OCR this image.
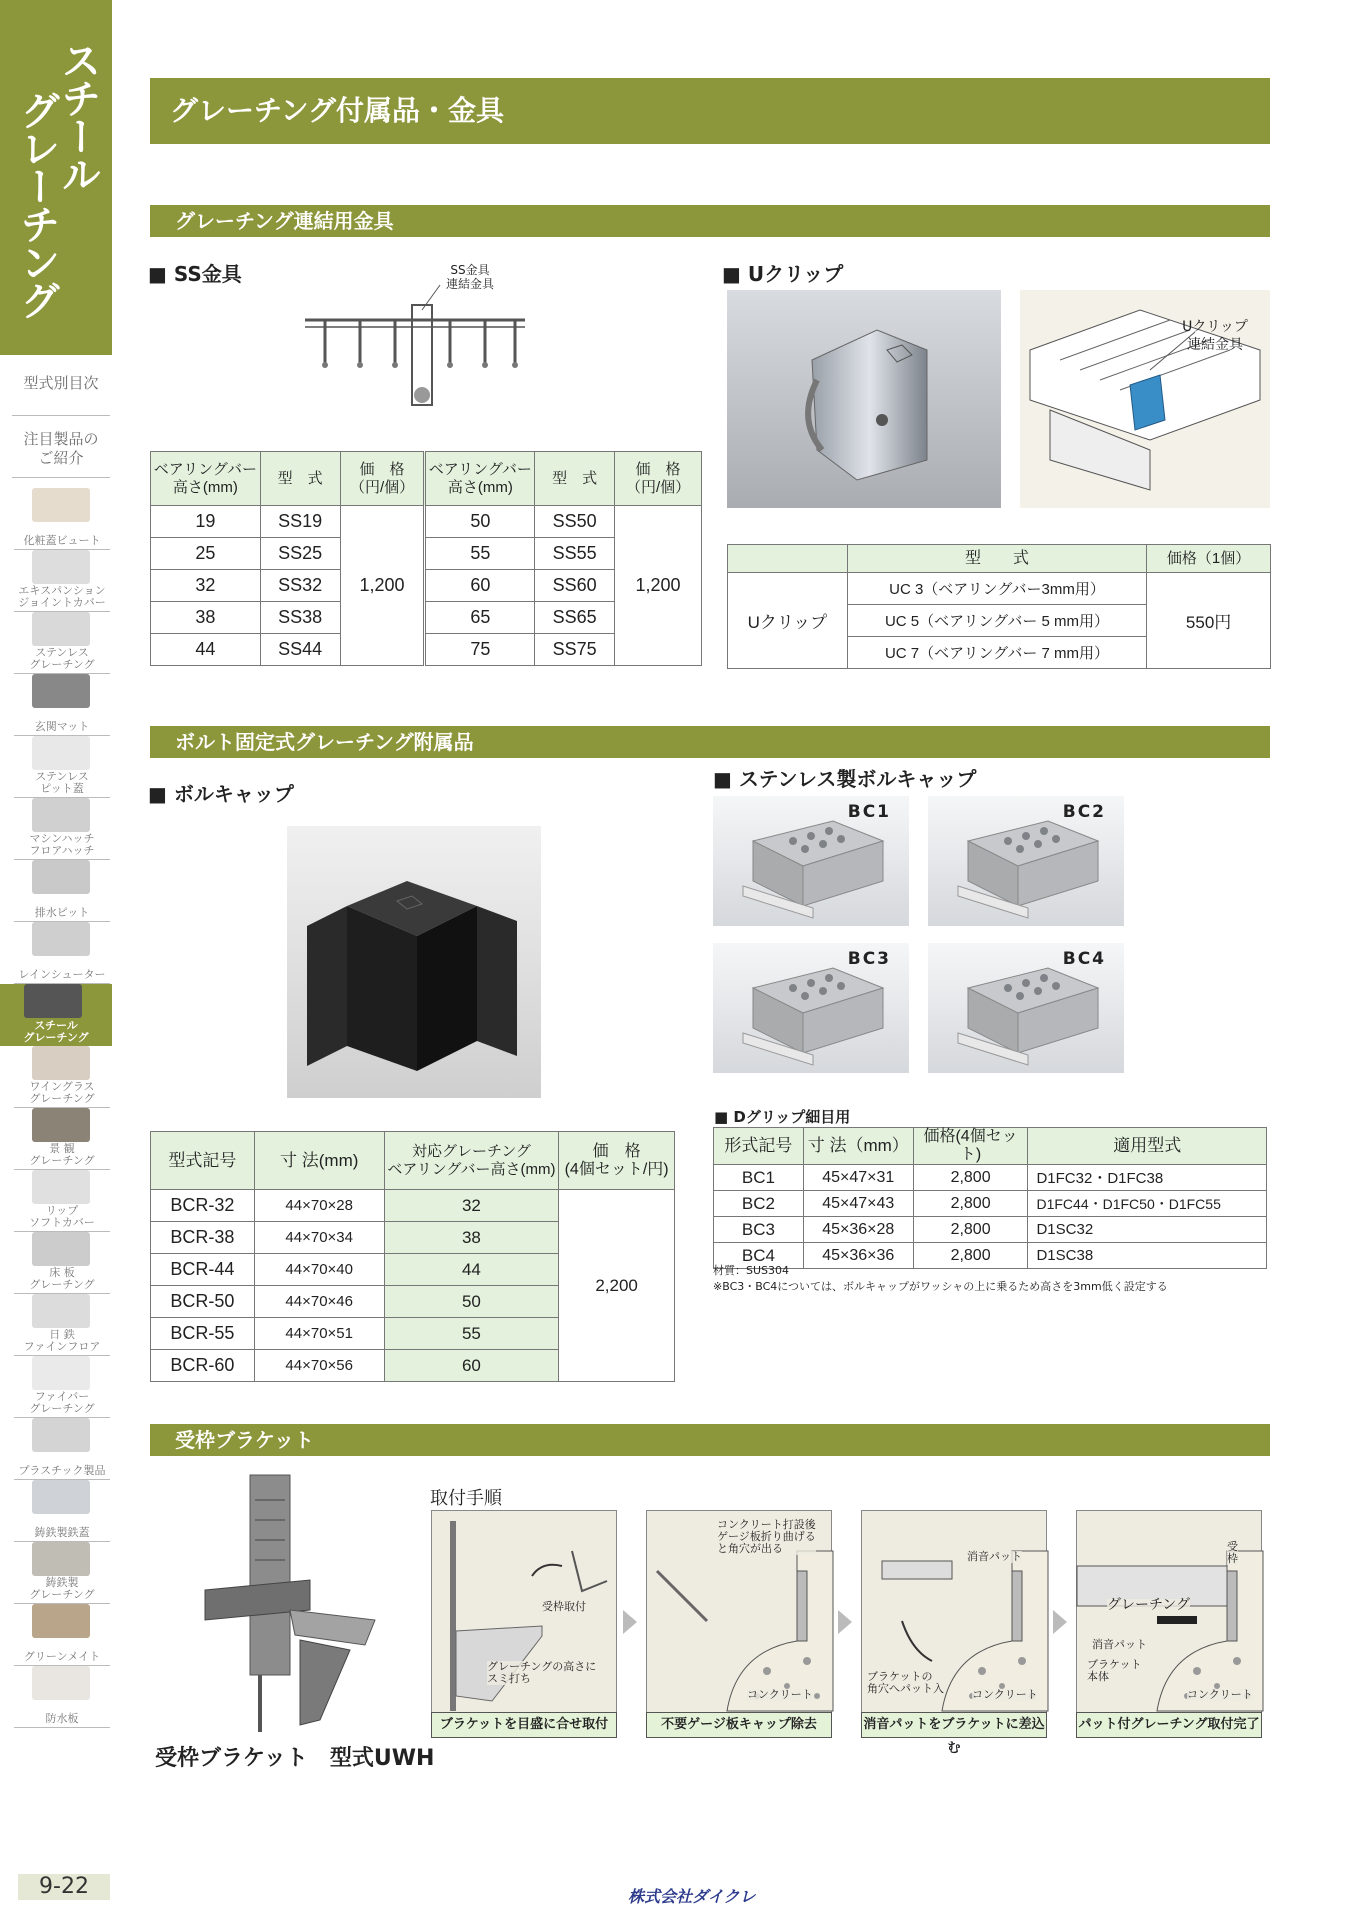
スチール
グレーチング
型式別目次
注目製品の
ご紹介
化粧蓋ビュート
エキスパンション
ジョイントカバー
ステンレス
グレーチング
玄関マット
ステンレス
ピット蓋
マシンハッチ
フロアハッチ
排水ピット
レインシューター
ワイングラス
グレーチング
景 観
グレーチング
リップ
ソフトカバー
床 板
グレーチング
日 鉄
ファインフロア
ファイバー
グレーチング
プラスチック製品
鋳鉄製鉄蓋
鋳鉄製
グレーチング
グリーンメイト
防水板
スチール
グレーチング
9-22
グレーチング付属品・金具
グレーチング連結用金具
■ SS金具	SS金具
連結金具
ベアリングバー
高さ(mm)	型　式	価　格
（円/個）	ベアリングバー
高さ(mm)	型　式	価　格
（円/個）
19	SS19	1,200	50	SS50	1,200
25	SS25		55	SS55	
32	SS32		60	SS60	
38	SS38		65	SS65	
44	SS44		75	SS75	
■ Uクリップ
Uクリップ
連結金具
	型　　式	価格（1個）
Uクリップ	UC 3（ベアリングバー3mm用）	550円
	UC 5（ベアリングバー 5 mm用）	
	UC 7（ベアリングバー 7 mm用）	
ボルト固定式グレーチング附属品
■ ボルキャップ
型式記号	寸 法(mm)	対応グレーチング
ベアリングバー高さ(mm)	価　格
(4個セット/円)
BCR-32	44×70×28	32	2,200
BCR-38	44×70×34	38	
BCR-44	44×70×40	44	
BCR-50	44×70×46	50	
BCR-55	44×70×51	55	
BCR-60	44×70×56	60	
■ ステンレス製ボルキャップ
BC1	BC2
BC3	BC4
■ Dグリップ細目用
形式記号	寸 法（mm）	価格(4個セット)	適用型式
BC1	45×47×31	2,800	D1FC32・D1FC38
BC2	45×47×43	2,800	D1FC44・D1FC50・D1FC55
BC3	45×36×28	2,800	D1SC32
BC4	45×36×36	2,800	D1SC38
材質：SUS304
※BC3・BC4については、ボルキャップがワッシャの上に乗るため高さを3mm低く設定する
受枠ブラケット
受枠ブラケット　型式UWH
取付手順
受枠取付
グレーチングの高さに
スミ打ち
ブラケットを目盛に合せ取付
コンクリート打設後
ゲージ板折り曲げる
と角穴が出る
コンクリート
不要ゲージ板キャップ除去
消音パット
ブラケットの
角穴へパット入	コンクリート
消音パットをブラケットに差込む
受
枠
グレーチング
消音パット
ブラケット
本体
コンクリート
パット付グレーチング取付完了
株式会社ダイクレ
